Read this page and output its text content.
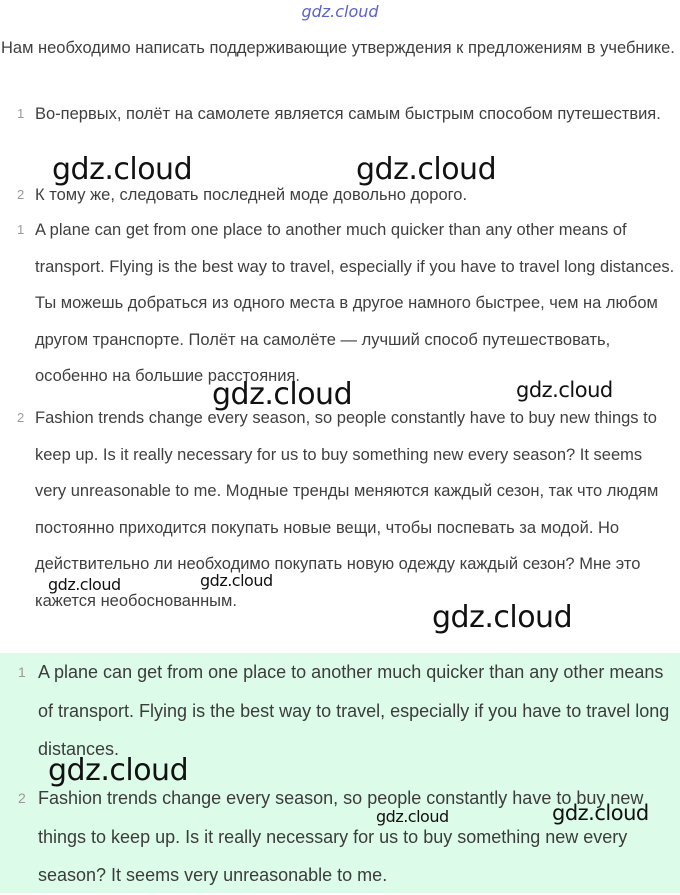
gdz.cloud
Нам необходимо написать поддерживающие утверждения к предложениям в учебнике.
1 Во-первых, полёт на самолете является самым быстрым способом путешествия.
2 К тому же, следовать последней моде довольно дорого.
1 A plane can get from one place to another much quicker than any other means of transport. Flying is the best way to travel, especially if you have to travel long distances. Ты можешь добраться из одного места в другое намного быстрее, чем на любом другом транспорте. Полёт на самолёте — лучший способ путешествовать, особенно на большие расстояния.
2 Fashion trends change every season, so people constantly have to buy new things to keep up. Is it really necessary for us to buy something new every season? It seems very unreasonable to me. Модные тренды меняются каждый сезон, так что людям постоянно приходится покупать новые вещи, чтобы поспевать за модой. Но действительно ли необходимо покупать новую одежду каждый сезон? Мне это кажется необоснованным.
1 A plane can get from one place to another much quicker than any other means of transport. Flying is the best way to travel, especially if you have to travel long distances.
2 Fashion trends change every season, so people constantly have to buy new things to keep up. Is it really necessary for us to buy something new every season? It seems very unreasonable to me.
gdz.cloud	gdz.cloud
gdz.cloud	gdz.cloud
gdz.cloud	gdz.cloud
gdz.cloud
gdz.cloud
gdz.cloud	gdz.cloud
